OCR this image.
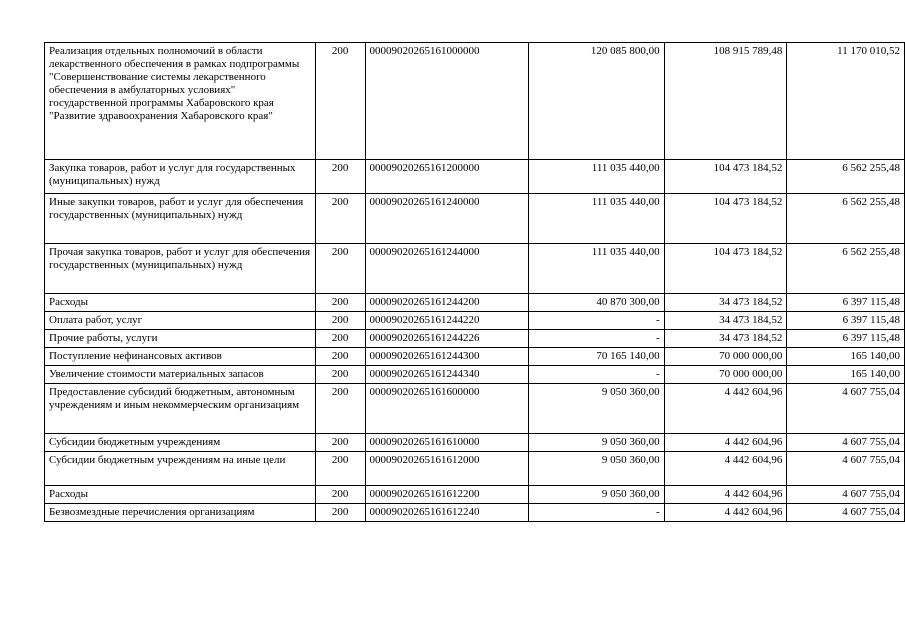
Реализация отдельных полномочий в области лекарственного обеспечения в рамках подпрограммы "Совершенствование системы лекарственного обеспечения в амбулаторных условиях" государственной программы Хабаровского края "Развитие здравоохранения Хабаровского края"	200	00009020265161000000	120 085 800,00	108 915 789,48	11 170 010,52
Закупка товаров, работ и услуг для государственных (муниципальных) нужд	200	00009020265161200000	111 035 440,00	104 473 184,52	6 562 255,48
Иные закупки товаров, работ и услуг для обеспечения государственных (муниципальных) нужд	200	00009020265161240000	111 035 440,00	104 473 184,52	6 562 255,48
Прочая закупка товаров, работ и услуг для обеспечения государственных (муниципальных) нужд	200	00009020265161244000	111 035 440,00	104 473 184,52	6 562 255,48
Расходы	200	00009020265161244200	40 870 300,00	34 473 184,52	6 397 115,48
Оплата работ, услуг	200	00009020265161244220	-	34 473 184,52	6 397 115,48
Прочие работы, услуги	200	00009020265161244226	-	34 473 184,52	6 397 115,48
Поступление нефинансовых активов	200	00009020265161244300	70 165 140,00	70 000 000,00	165 140,00
Увеличение стоимости материальных запасов	200	00009020265161244340	-	70 000 000,00	165 140,00
Предоставление субсидий бюджетным, автономным учреждениям и иным некоммерческим организациям	200	00009020265161600000	9 050 360,00	4 442 604,96	4 607 755,04
Субсидии бюджетным учреждениям	200	00009020265161610000	9 050 360,00	4 442 604,96	4 607 755,04
Субсидии бюджетным учреждениям на иные цели	200	00009020265161612000	9 050 360,00	4 442 604,96	4 607 755,04
Расходы	200	00009020265161612200	9 050 360,00	4 442 604,96	4 607 755,04
Безвозмездные перечисления организациям	200	00009020265161612240	-	4 442 604,96	4 607 755,04
